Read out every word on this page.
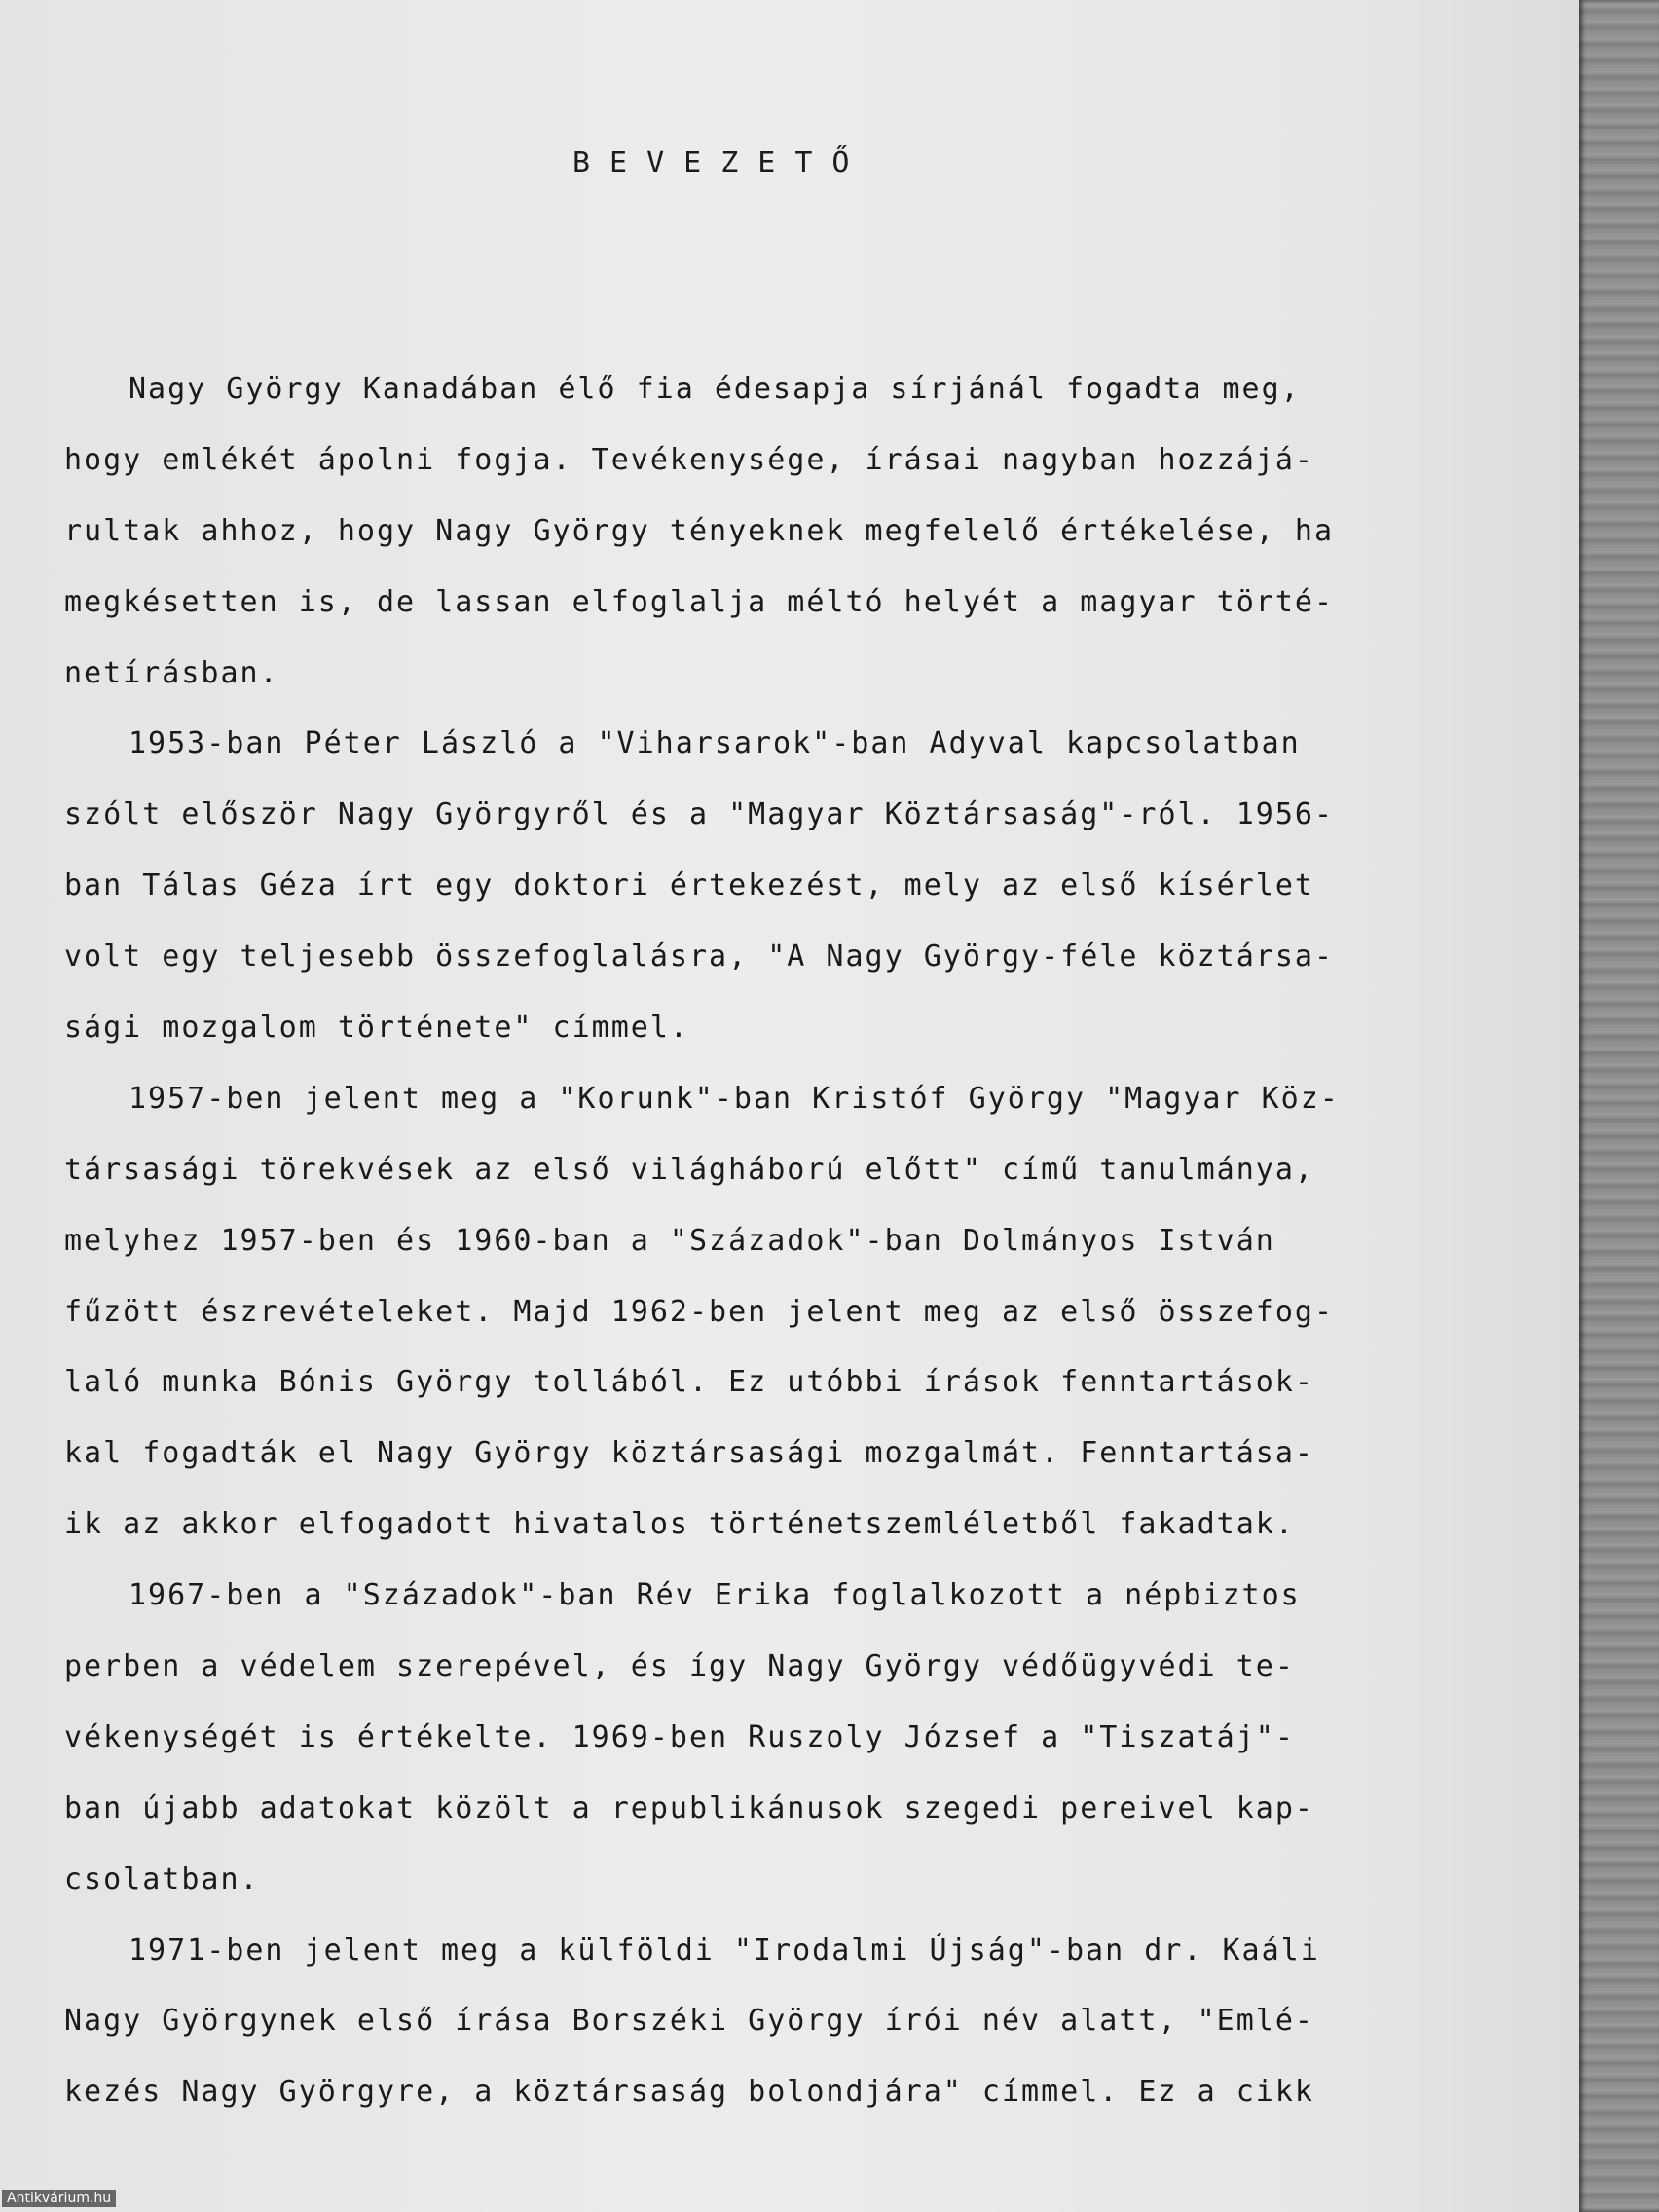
BEVEZETŐ
Nagy György Kanadában élő fia édesapja sírjánál fogadta meg,
hogy emlékét ápolni fogja. Tevékenysége, írásai nagyban hozzájá-
rultak ahhoz, hogy Nagy György tényeknek megfelelő értékelése, ha
megkésetten is, de lassan elfoglalja méltó helyét a magyar törté-
netírásban.
1953-ban Péter László a "Viharsarok"-ban Adyval kapcsolatban
szólt először Nagy Györgyről és a "Magyar Köztársaság"-ról. 1956-
ban Tálas Géza írt egy doktori értekezést, mely az első kísérlet
volt egy teljesebb összefoglalásra, "A Nagy György-féle köztársa-
sági mozgalom története" címmel.
1957-ben jelent meg a "Korunk"-ban Kristóf György "Magyar Köz-
társasági törekvések az első világháború előtt" című tanulmánya,
melyhez 1957-ben és 1960-ban a "Századok"-ban Dolmányos István
fűzött észrevételeket. Majd 1962-ben jelent meg az első összefog-
laló munka Bónis György tollából. Ez utóbbi írások fenntartások-
kal fogadták el Nagy György köztársasági mozgalmát. Fenntartása-
ik az akkor elfogadott hivatalos történetszemléletből fakadtak.
1967-ben a "Századok"-ban Rév Erika foglalkozott a népbiztos
perben a védelem szerepével, és így Nagy György védőügyvédi te-
vékenységét is értékelte. 1969-ben Ruszoly József a "Tiszatáj"-
ban újabb adatokat közölt a republikánusok szegedi pereivel kap-
csolatban.
1971-ben jelent meg a külföldi "Irodalmi Újság"-ban dr. Kaáli
Nagy Györgynek első írása Borszéki György írói név alatt, "Emlé-
kezés Nagy Györgyre, a köztársaság bolondjára" címmel. Ez a cikk
Antikvárium.hu
